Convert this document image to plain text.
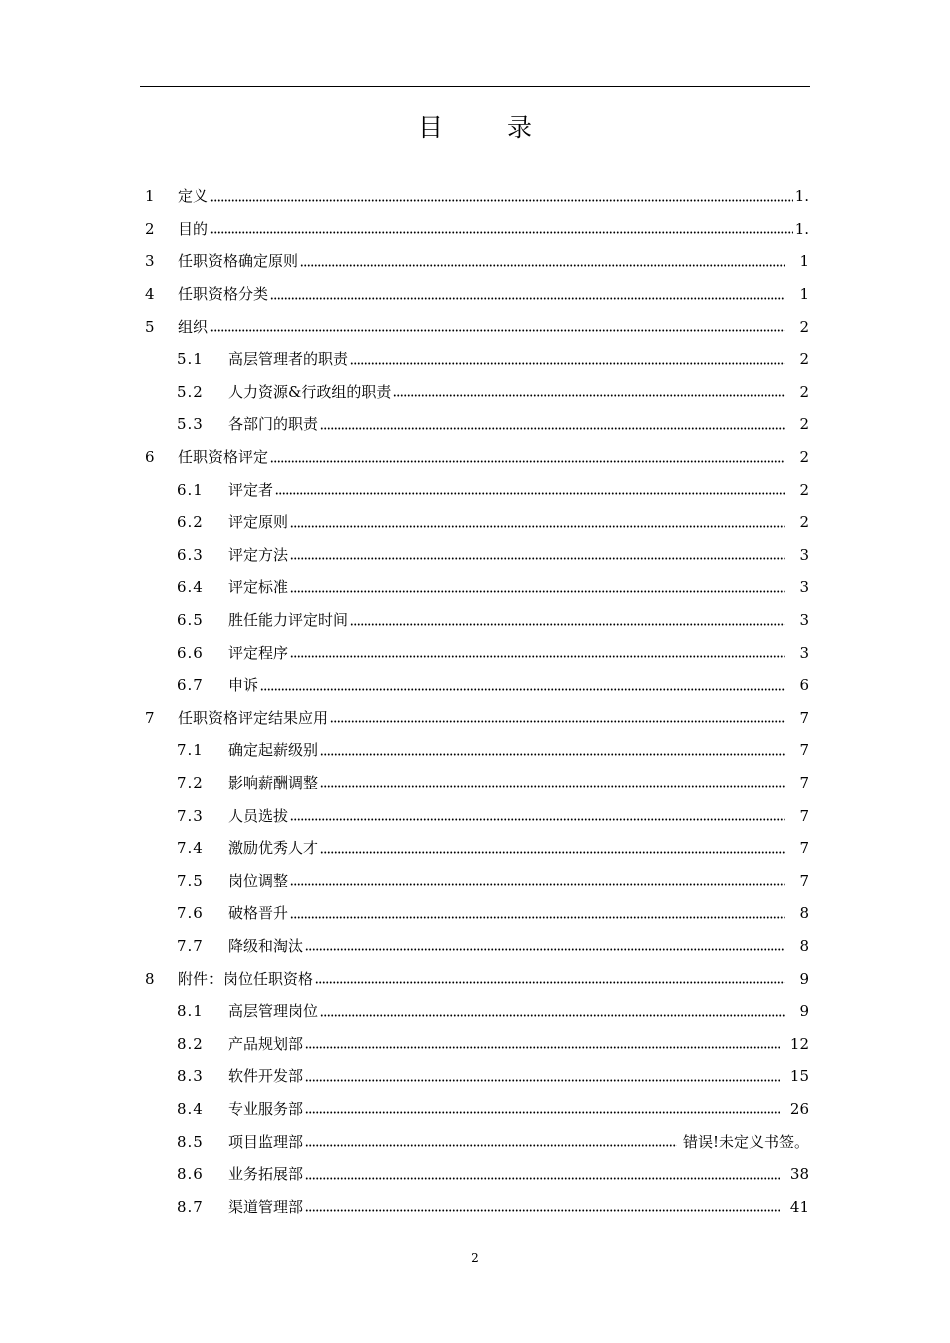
目 录
1	定义	1.
2	目的	1.
3	任职资格确定原则	1
4	任职资格分类	1
5	组织	2
5.1	高层管理者的职责	2
5.2	人力资源&行政组的职责	2
5.3	各部门的职责	2
6	任职资格评定	2
6.1	评定者	2
6.2	评定原则	2
6.3	评定方法	3
6.4	评定标准	3
6.5	胜任能力评定时间	3
6.6	评定程序	3
6.7	申诉	6
7	任职资格评定结果应用	7
7.1	确定起薪级别	7
7.2	影响薪酬调整	7
7.3	人员选拔	7
7.4	激励优秀人才	7
7.5	岗位调整	7
7.6	破格晋升	8
7.7	降级和淘汰	8
8	附件：岗位任职资格	9
8.1	高层管理岗位	9
8.2	产品规划部	12
8.3	软件开发部	15
8.4	专业服务部	26
8.5	项目监理部	错误!未定义书签。
8.6	业务拓展部	38
8.7	渠道管理部	41
2
